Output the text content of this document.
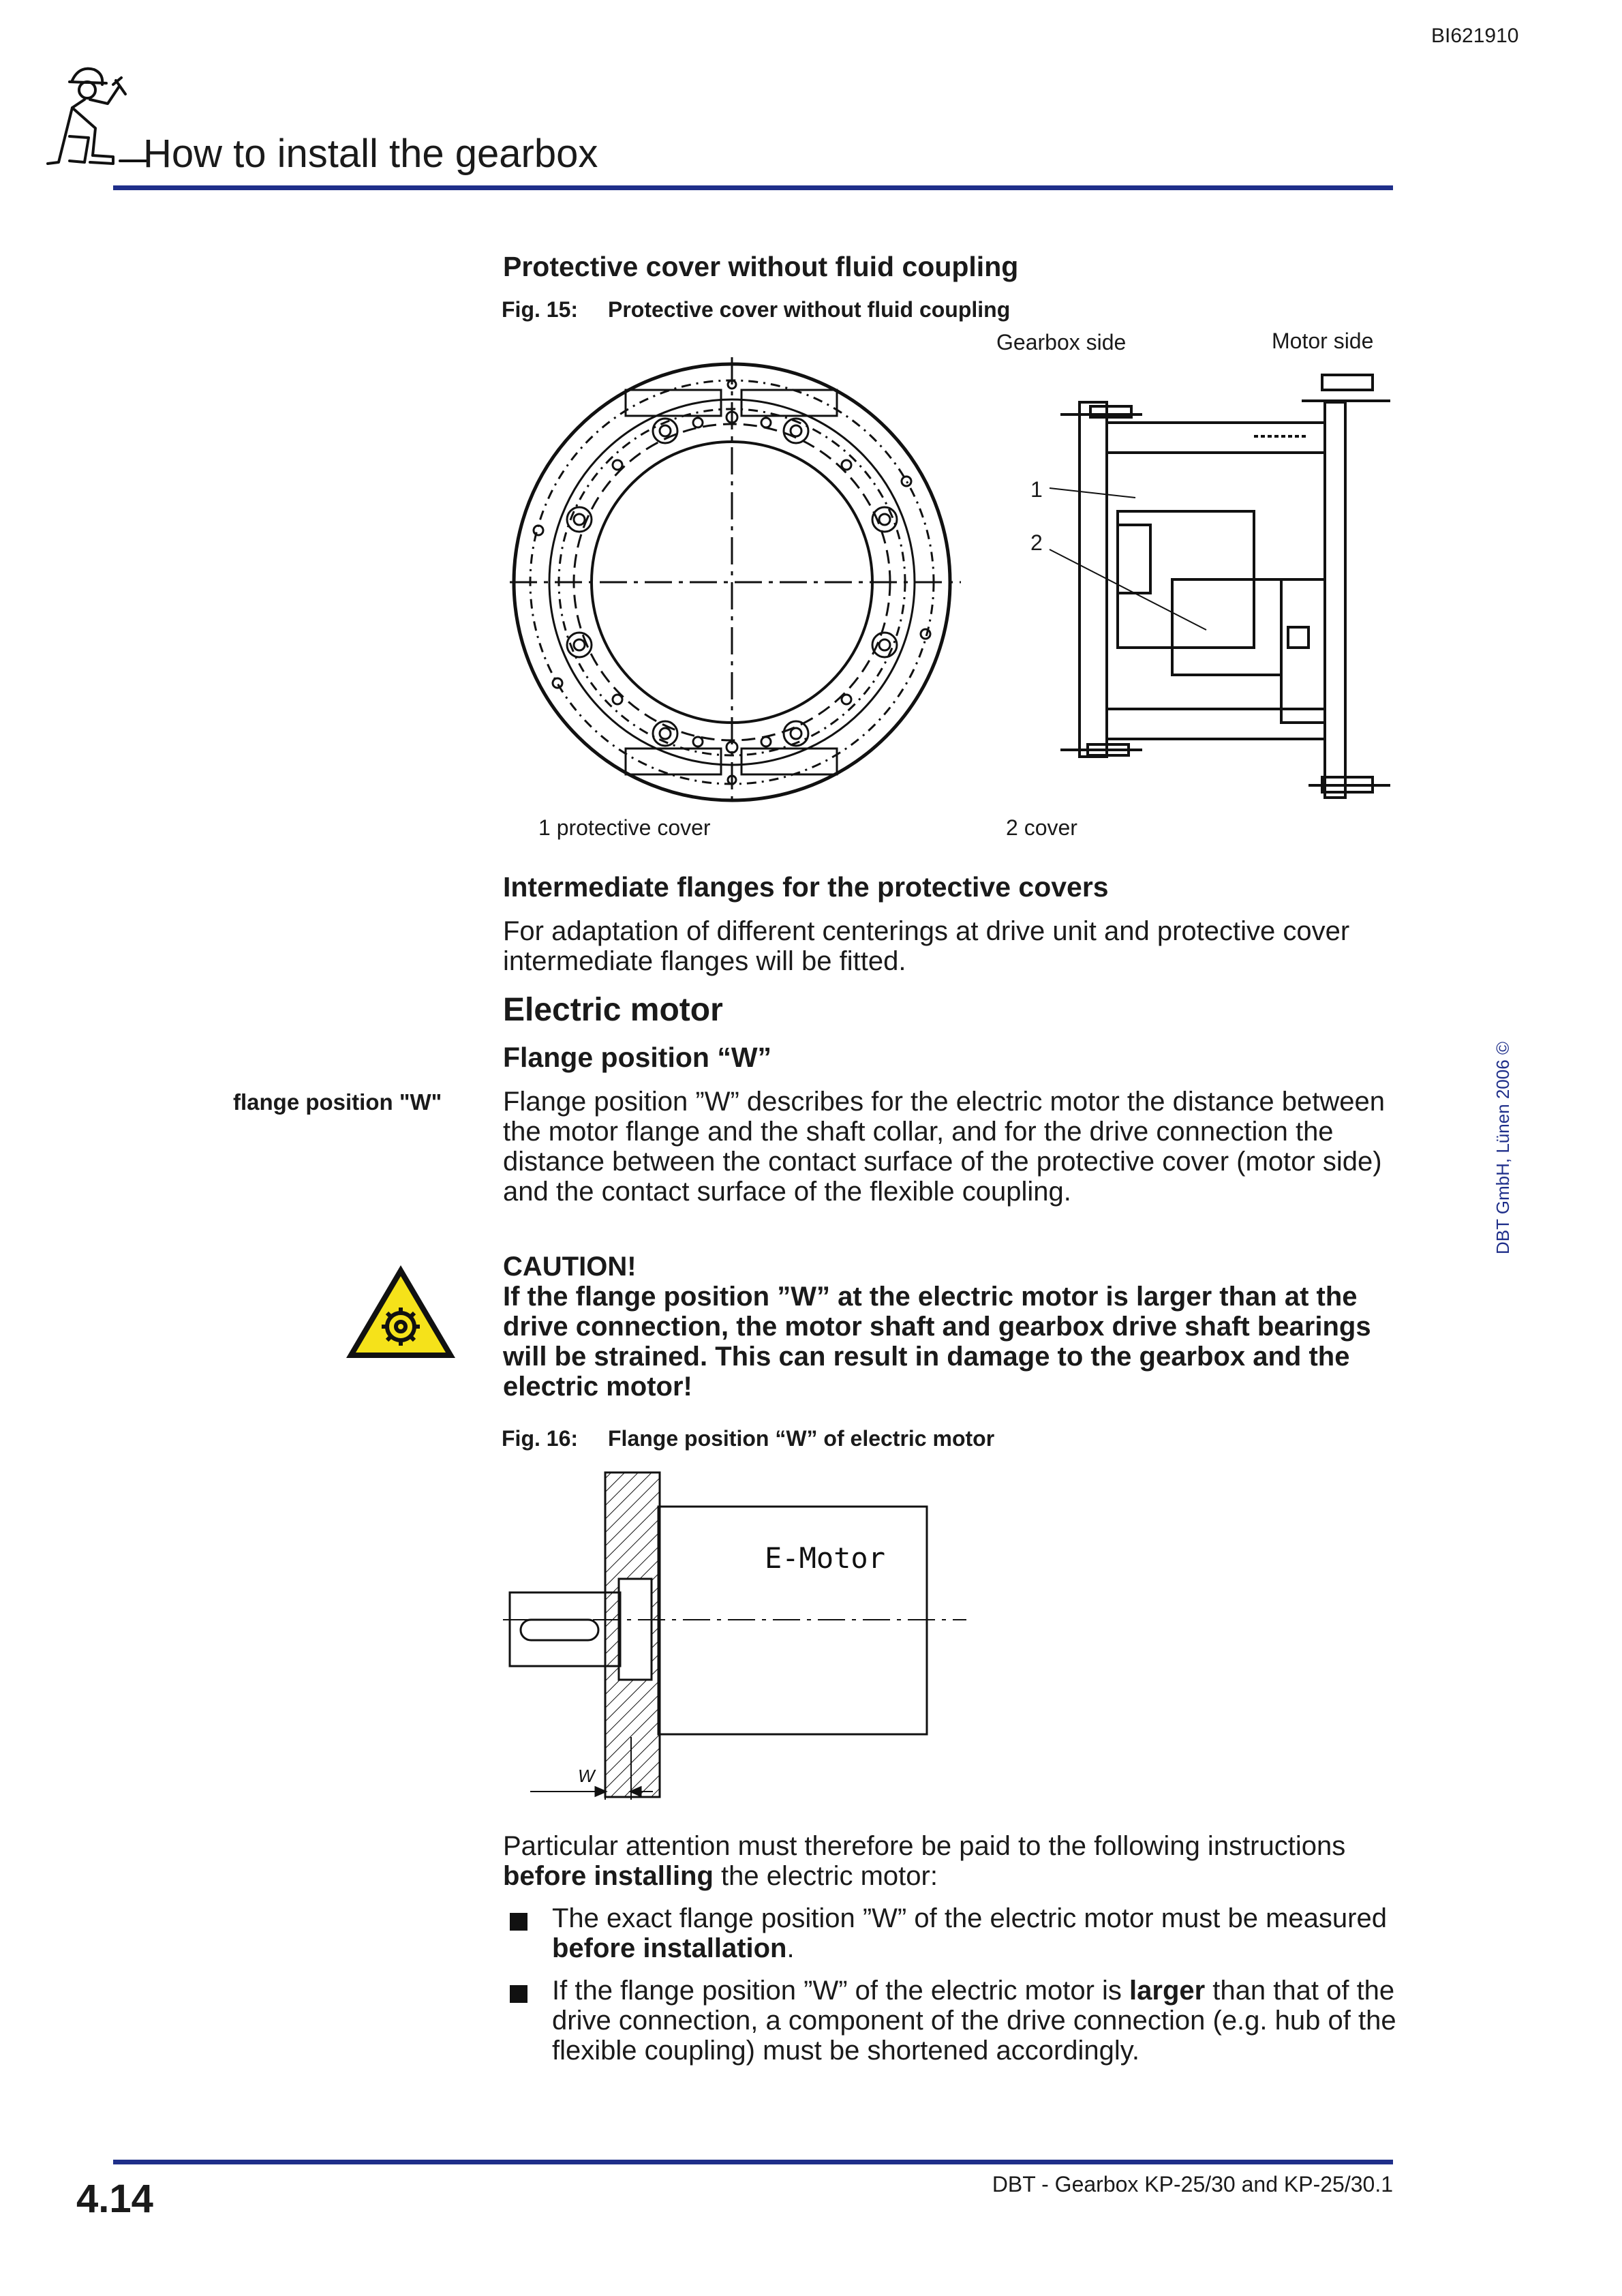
BI621910
How to install the gearbox
Protective cover without fluid coupling
Fig. 15: Protective cover without fluid coupling
Gearbox side	Motor side
1
2
1 protective cover	2 cover
Intermediate flanges for the protective covers
For adaptation of different centerings at drive unit and protective cover intermediate flanges will be fitted.
Electric motor
Flange position “W”
flange position "W" Flange position ”W” describes for the electric motor the distance between the motor flange and the shaft collar, and for the drive connection the distance between the contact surface of the protective cover (motor side) and the contact surface of the flexible coupling.
CAUTION!
If the flange position ”W” at the electric motor is larger than at the drive connection, the motor shaft and gearbox drive shaft bearings will be strained. This can result in damage to the gearbox and the electric motor!
Fig. 16: Flange position “W” of electric motor
W
E-Motor
Particular attention must therefore be paid to the following instructions before installing the electric motor:
The exact flange position ”W” of the electric motor must be measured before installation.
If the flange position ”W” of the electric motor is larger than that of the drive connection, a component of the drive connection (e.g. hub of the flexible coupling) must be shortened accordingly.
DBT GmbH, Lünen 2006 ©
4.14	DBT - Gearbox KP-25/30 and KP-25/30.1
